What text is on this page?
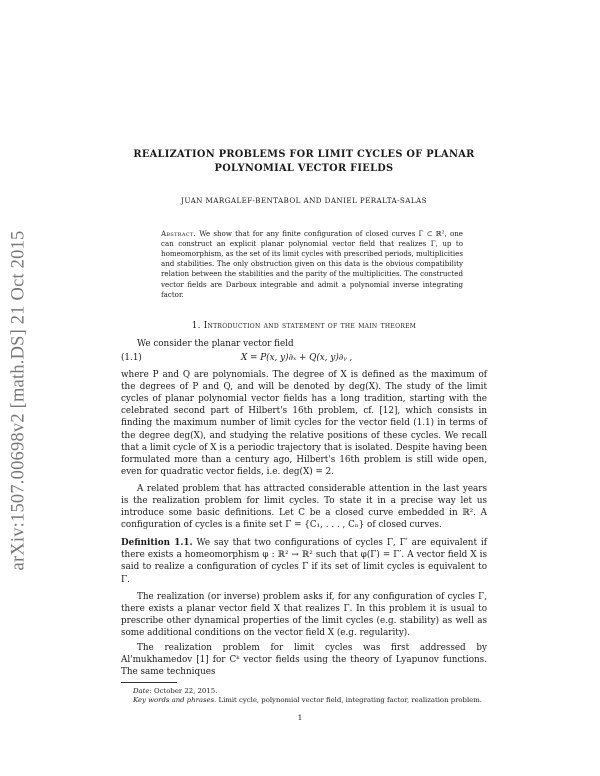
arXiv:1507.00698v2 [math.DS] 21 Oct 2015
REALIZATION PROBLEMS FOR LIMIT CYCLES OF PLANAR
POLYNOMIAL VECTOR FIELDS
JUAN MARGALEF-BENTABOL AND DANIEL PERALTA-SALAS
Abstract. We show that for any finite configuration of closed curves Γ ⊂ ℝ², one can construct an explicit planar polynomial vector field that realizes Γ, up to homeomorphism, as the set of its limit cycles with prescribed periods, multiplicities and stabilities. The only obstruction given on this data is the obvious compatibility relation between the stabilities and the parity of the multiplicities. The constructed vector fields are Darboux integrable and admit a polynomial inverse integrating factor.
1. Introduction and statement of the main theorem

We consider the planar vector field

(1.1)	X = P(x, y)∂ₓ + Q(x, y)∂ᵧ ,

where P and Q are polynomials. The degree of X is defined as the maximum of the degrees of P and Q, and will be denoted by deg(X). The study of the limit cycles of planar polynomial vector fields has a long tradition, starting with the celebrated second part of Hilbert's 16th problem, cf. [12], which consists in finding the maximum number of limit cycles for the vector field (1.1) in terms of the degree deg(X), and studying the relative positions of these cycles. We recall that a limit cycle of X is a periodic trajectory that is isolated. Despite having been formulated more than a century ago, Hilbert's 16th problem is still wide open, even for quadratic vector fields, i.e. deg(X) = 2.

A related problem that has attracted considerable attention in the last years is the realization problem for limit cycles. To state it in a precise way let us introduce some basic definitions. Let C be a closed curve embedded in ℝ². A configuration of cycles is a finite set Γ = {C₁, . . . , Cₙ} of closed curves.

Definition 1.1. We say that two configurations of cycles Γ, Γ′ are equivalent if there exists a homeomorphism φ : ℝ² → ℝ² such that φ(Γ) = Γ′. A vector field X is said to realize a configuration of cycles Γ if its set of limit cycles is equivalent to Γ.

The realization (or inverse) problem asks if, for any configuration of cycles Γ, there exists a planar vector field X that realizes Γ. In this problem it is usual to prescribe other dynamical properties of the limit cycles (e.g. stability) as well as some additional conditions on the vector field X (e.g. regularity).

The realization problem for limit cycles was first addressed by Al'mukhamedov [1] for Cᵏ vector fields using the theory of Lyapunov functions. The same techniques

Date: October 22, 2015.
Key words and phrases. Limit cycle, polynomial vector field, integrating factor, realization problem.
1
